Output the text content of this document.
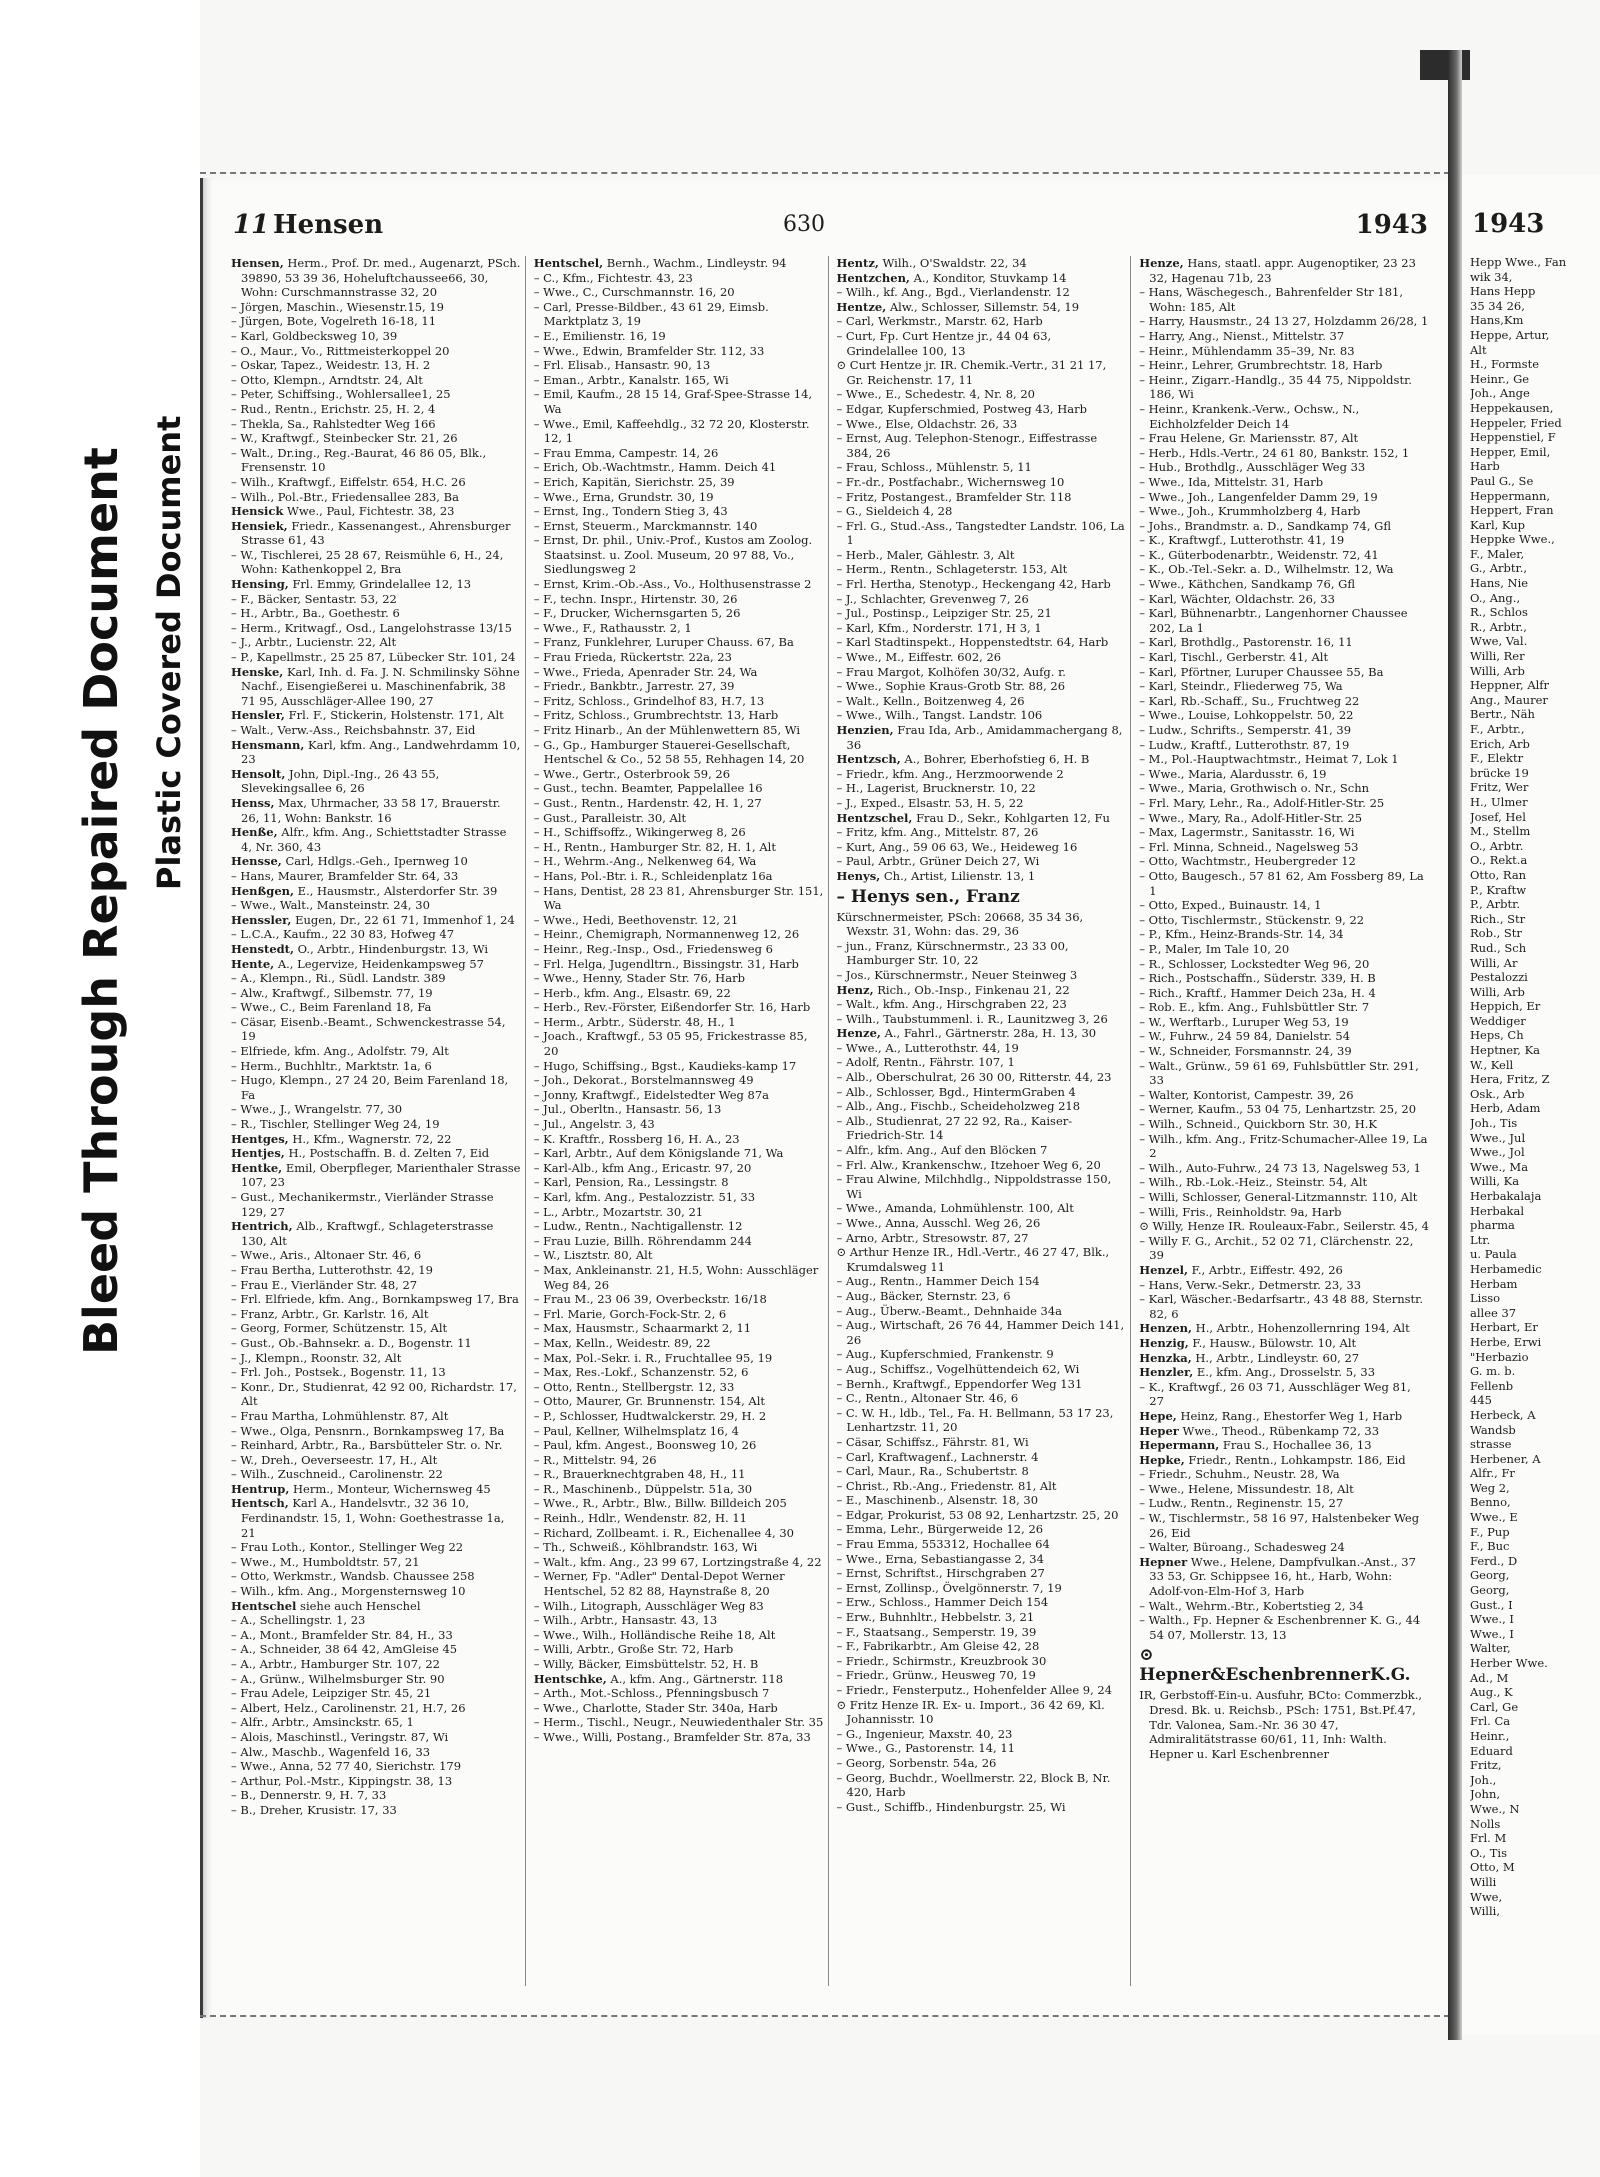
Bleed Through Repaired Document Plastic Covered Document
11 Hensen	630	1943

Hensen, Herm., Prof. Dr. med., Augenarzt, PSch. 39890, 53 39 36, Hoheluftchaussee66, 30, Wohn: Curschmannstrasse 32, 20

– Jörgen, Maschin., Wiesenstr.15, 19

– Jürgen, Bote, Vogelreth 16-18, 11

– Karl, Goldbecksweg 10, 39

– O., Maur., Vo., Rittmeisterkoppel 20

– Oskar, Tapez., Weidestr. 13, H. 2

– Otto, Klempn., Arndtstr. 24, Alt

– Peter, Schiffsing., Wohlersallee1, 25

– Rud., Rentn., Erichstr. 25, H. 2, 4

– Thekla, Sa., Rahlstedter Weg 166

– W., Kraftwgf., Steinbecker Str. 21, 26

– Walt., Dr.ing., Reg.-Baurat, 46 86 05, Blk., Frensenstr. 10

– Wilh., Kraftwgf., Eiffelstr. 654, H.C. 26

– Wilh., Pol.-Btr., Friedensallee 283, Ba

Hensick Wwe., Paul, Fichtestr. 38, 23

Hensiek, Friedr., Kassenangest., Ahrensburger Strasse 61, 43

– W., Tischlerei, 25 28 67, Reismühle 6, H., 24, Wohn: Kathenkoppel 2, Bra

Hensing, Frl. Emmy, Grindelallee 12, 13

– F., Bäcker, Sentastr. 53, 22

– H., Arbtr., Ba., Goethestr. 6

– Herm., Kritwagf., Osd., Langelohstrasse 13/15

– J., Arbtr., Lucienstr. 22, Alt

– P., Kapellmstr., 25 25 87, Lübecker Str. 101, 24

Henske, Karl, Inh. d. Fa. J. N. Schmilinsky Söhne Nachf., Eisengießerei u. Maschinenfabrik, 38 71 95, Ausschläger-Allee 190, 27

Hensler, Frl. F., Stickerin, Holstenstr. 171, Alt

– Walt., Verw.-Ass., Reichsbahnstr. 37, Eid

Hensmann, Karl, kfm. Ang., Landwehrdamm 10, 23

Hensolt, John, Dipl.-Ing., 26 43 55, Slevekingsallee 6, 26

Henss, Max, Uhrmacher, 33 58 17, Brauerstr. 26, 11, Wohn: Bankstr. 16

Henße, Alfr., kfm. Ang., Schiettstadter Strasse 4, Nr. 360, 43

Hensse, Carl, Hdlgs.-Geh., Ipernweg 10

– Hans, Maurer, Bramfelder Str. 64, 33

Henßgen, E., Hausmstr., Alsterdorfer Str. 39

– Wwe., Walt., Mansteinstr. 24, 30

Henssler, Eugen, Dr., 22 61 71, Immenhof 1, 24

– L.C.A., Kaufm., 22 30 83, Hofweg 47

Henstedt, O., Arbtr., Hindenburgstr. 13, Wi

Hente, A., Legervize, Heidenkampsweg 57

– A., Klempn., Ri., Südl. Landstr. 389

– Alw., Kraftwgf., Silbemstr. 77, 19

– Wwe., C., Beim Farenland 18, Fa

– Cäsar, Eisenb.-Beamt., Schwenckestrasse 54, 19

– Elfriede, kfm. Ang., Adolfstr. 79, Alt

– Herm., Buchhltr., Marktstr. 1a, 6

– Hugo, Klempn., 27 24 20, Beim Farenland 18, Fa

– Wwe., J., Wrangelstr. 77, 30

– R., Tischler, Stellinger Weg 24, 19

Hentges, H., Kfm., Wagnerstr. 72, 22

Hentjes, H., Postschaffn. B. d. Zelten 7, Eid

Hentke, Emil, Oberpfleger, Marienthaler Strasse 107, 23

– Gust., Mechanikermstr., Vierländer Strasse 129, 27

Hentrich, Alb., Kraftwgf., Schlageterstrasse 130, Alt

– Wwe., Aris., Altonaer Str. 46, 6

– Frau Bertha, Lutterothstr. 42, 19

– Frau E., Vierländer Str. 48, 27

– Frl. Elfriede, kfm. Ang., Bornkampsweg 17, Bra

– Franz, Arbtr., Gr. Karlstr. 16, Alt

– Georg, Former, Schützenstr. 15, Alt

– Gust., Ob.-Bahnsekr. a. D., Bogenstr. 11

– J., Klempn., Roonstr. 32, Alt

– Frl. Joh., Postsek., Bogenstr. 11, 13

– Konr., Dr., Studienrat, 42 92 00, Richardstr. 17, Alt

– Frau Martha, Lohmühlenstr. 87, Alt

– Wwe., Olga, Pensnrn., Bornkampsweg 17, Ba

– Reinhard, Arbtr., Ra., Barsbütteler Str. o. Nr.

– W., Dreh., Oeverseestr. 17, H., Alt

– Wilh., Zuschneid., Carolinenstr. 22

Hentrup, Herm., Monteur, Wichernsweg 45

Hentsch, Karl A., Handelsvtr., 32 36 10, Ferdinandstr. 15, 1, Wohn: Goethestrasse 1a, 21

– Frau Loth., Kontor., Stellinger Weg 22

– Wwe., M., Humboldtstr. 57, 21

– Otto, Werkmstr., Wandsb. Chaussee 258

– Wilh., kfm. Ang., Morgensternsweg 10

Hentschel siehe auch Henschel

– A., Schellingstr. 1, 23

– A., Mont., Bramfelder Str. 84, H., 33

– A., Schneider, 38 64 42, AmGleise 45

– A., Arbtr., Hamburger Str. 107, 22

– A., Grünw., Wilhelmsburger Str. 90

– Frau Adele, Leipziger Str. 45, 21

– Albert, Helz., Carolinenstr. 21, H.7, 26

– Alfr., Arbtr., Amsinckstr. 65, 1

– Alois, Maschinstl., Veringstr. 87, Wi

– Alw., Maschb., Wagenfeld 16, 33

– Wwe., Anna, 52 77 40, Sierichstr. 179

– Arthur, Pol.-Mstr., Kippingstr. 38, 13

– B., Dennerstr. 9, H. 7, 33

– B., Dreher, Krusistr. 17, 33

Hentschel, Bernh., Wachm., Lindleystr. 94

– C., Kfm., Fichtestr. 43, 23

– Wwe., C., Curschmannstr. 16, 20

– Carl, Presse-Bildber., 43 61 29, Eimsb. Marktplatz 3, 19

– E., Emilienstr. 16, 19

– Wwe., Edwin, Bramfelder Str. 112, 33

– Frl. Elisab., Hansastr. 90, 13

– Eman., Arbtr., Kanalstr. 165, Wi

– Emil, Kaufm., 28 15 14, Graf-Spee-Strasse 14, Wa

– Wwe., Emil, Kaffeehdlg., 32 72 20, Klosterstr. 12, 1

– Frau Emma, Campestr. 14, 26

– Erich, Ob.-Wachtmstr., Hamm. Deich 41

– Erich, Kapitän, Sierichstr. 25, 39

– Wwe., Erna, Grundstr. 30, 19

– Ernst, Ing., Tondern Stieg 3, 43

– Ernst, Steuerm., Marckmannstr. 140

– Ernst, Dr. phil., Univ.-Prof., Kustos am Zoolog. Staatsinst. u. Zool. Museum, 20 97 88, Vo., Siedlungsweg 2

– Ernst, Krim.-Ob.-Ass., Vo., Holthusenstrasse 2

– F., techn. Inspr., Hirtenstr. 30, 26

– F., Drucker, Wichernsgarten 5, 26

– Wwe., F., Rathausstr. 2, 1

– Franz, Funklehrer, Luruper Chauss. 67, Ba

– Frau Frieda, Rückertstr. 22a, 23

– Wwe., Frieda, Apenrader Str. 24, Wa

– Friedr., Bankbtr., Jarrestr. 27, 39

– Fritz, Schloss., Grindelhof 83, H.7, 13

– Fritz, Schloss., Grumbrechtstr. 13, Harb

– Fritz Hinarb., An der Mühlenwettern 85, Wi

– G., Gp., Hamburger Stauerei-Gesellschaft, Hentschel & Co., 52 58 55, Rehhagen 14, 20

– Wwe., Gertr., Osterbrook 59, 26

– Gust., techn. Beamter, Pappelallee 16

– Gust., Rentn., Hardenstr. 42, H. 1, 27

– Gust., Paralleistr. 30, Alt

– H., Schiffsoffz., Wikingerweg 8, 26

– H., Rentn., Hamburger Str. 82, H. 1, Alt

– H., Wehrm.-Ang., Nelkenweg 64, Wa

– Hans, Pol.-Btr. i. R., Schleidenplatz 16a

– Hans, Dentist, 28 23 81, Ahrensburger Str. 151, Wa

– Wwe., Hedi, Beethovenstr. 12, 21

– Heinr., Chemigraph, Normannenweg 12, 26

– Heinr., Reg.-Insp., Osd., Friedensweg 6

– Frl. Helga, Jugendltrn., Bissingstr. 31, Harb

– Wwe., Henny, Stader Str. 76, Harb

– Herb., kfm. Ang., Elsastr. 69, 22

– Herb., Rev.-Förster, Eißendorfer Str. 16, Harb

– Herm., Arbtr., Süderstr. 48, H., 1

– Joach., Kraftwgf., 53 05 95, Frickestrasse 85, 20

– Hugo, Schiffsing., Bgst., Kaudieks-kamp 17

– Joh., Dekorat., Borstelmannsweg 49

– Jonny, Kraftwgf., Eidelstedter Weg 87a

– Jul., Oberltn., Hansastr. 56, 13

– Jul., Angelstr. 3, 43

– K. Kraftfr., Rossberg 16, H. A., 23

– Karl, Arbtr., Auf dem Königslande 71, Wa

– Karl-Alb., kfm Ang., Ericastr. 97, 20

– Karl, Pension, Ra., Lessingstr. 8

– Karl, kfm. Ang., Pestalozzistr. 51, 33

– L., Arbtr., Mozartstr. 30, 21

– Ludw., Rentn., Nachtigallenstr. 12

– Frau Luzie, Billh. Röhrendamm 244

– W., Lisztstr. 80, Alt

– Max, Ankleinanstr. 21, H.5, Wohn: Ausschläger Weg 84, 26

– Frau M., 23 06 39, Overbeckstr. 16/18

– Frl. Marie, Gorch-Fock-Str. 2, 6

– Max, Hausmstr., Schaarmarkt 2, 11

– Max, Kelln., Weidestr. 89, 22

– Max, Pol.-Sekr. i. R., Fruchtallee 95, 19

– Max, Res.-Lokf., Schanzenstr. 52, 6

– Otto, Rentn., Stellbergstr. 12, 33

– Otto, Maurer, Gr. Brunnenstr. 154, Alt

– P., Schlosser, Hudtwalckerstr. 29, H. 2

– Paul, Kellner, Wilhelmsplatz 16, 4

– Paul, kfm. Angest., Boonsweg 10, 26

– R., Mittelstr. 94, 26

– R., Brauerknechtgraben 48, H., 11

– R., Maschinenb., Düppelstr. 51a, 30

– Wwe., R., Arbtr., Blw., Billw. Billdeich 205

– Reinh., Hdlr., Wendenstr. 82, H. 11

– Richard, Zollbeamt. i. R., Eichenallee 4, 30

– Th., Schweiß., Köhlbrandstr. 163, Wi

– Walt., kfm. Ang., 23 99 67, Lortzingstraße 4, 22

– Werner, Fp. "Adler" Dental-Depot Werner Hentschel, 52 82 88, Haynstraße 8, 20

– Wilh., Litograph, Ausschläger Weg 83

– Wilh., Arbtr., Hansastr. 43, 13

– Wwe., Wilh., Holländische Reihe 18, Alt

– Willi, Arbtr., Große Str. 72, Harb

– Willy, Bäcker, Eimsbüttelstr. 52, H. B

Hentschke, A., kfm. Ang., Gärtnerstr. 118

– Arth., Mot.-Schloss., Pfenningsbusch 7

– Wwe., Charlotte, Stader Str. 340a, Harb

– Herm., Tischl., Neugr., Neuwiedenthaler Str. 35

– Wwe., Willi, Postang., Bramfelder Str. 87a, 33

Hentz, Wilh., O'Swaldstr. 22, 34

Hentzchen, A., Konditor, Stuvkamp 14

– Wilh., kf. Ang., Bgd., Vierlandenstr. 12

Hentze, Alw., Schlosser, Sillemstr. 54, 19

– Carl, Werkmstr., Marstr. 62, Harb

– Curt, Fp. Curt Hentze jr., 44 04 63, Grindelallee 100, 13

⊙ Curt Hentze jr. IR. Chemik.-Vertr., 31 21 17, Gr. Reichenstr. 17, 11

– Wwe., E., Schedestr. 4, Nr. 8, 20

– Edgar, Kupferschmied, Postweg 43, Harb

– Wwe., Else, Oldachstr. 26, 33

– Ernst, Aug. Telephon-Stenogr., Eiffestrasse 384, 26

– Frau, Schloss., Mühlenstr. 5, 11

– Fr.-dr., Postfachabr., Wichernsweg 10

– Fritz, Postangest., Bramfelder Str. 118

– G., Sieldeich 4, 28

– Frl. G., Stud.-Ass., Tangstedter Landstr. 106, La 1

– Herb., Maler, Gählestr. 3, Alt

– Herm., Rentn., Schlageterstr. 153, Alt

– Frl. Hertha, Stenotyp., Heckengang 42, Harb

– J., Schlachter, Grevenweg 7, 26

– Jul., Postinsp., Leipziger Str. 25, 21

– Karl, Kfm., Norderstr. 171, H 3, 1

– Karl Stadtinspekt., Hoppenstedtstr. 64, Harb

– Wwe., M., Eiffestr. 602, 26

– Frau Margot, Kolhöfen 30/32, Aufg. r.

– Wwe., Sophie Kraus-Grotb Str. 88, 26

– Walt., Kelln., Boitzenweg 4, 26

– Wwe., Wilh., Tangst. Landstr. 106

Henzien, Frau Ida, Arb., Amidammachergang 8, 36

Hentzsch, A., Bohrer, Eberhofstieg 6, H. B

– Friedr., kfm. Ang., Herzmoorwende 2

– H., Lagerist, Brucknerstr. 10, 22

– J., Exped., Elsastr. 53, H. 5, 22

Hentzschel, Frau D., Sekr., Kohlgarten 12, Fu

– Fritz, kfm. Ang., Mittelstr. 87, 26

– Kurt, Ang., 59 06 63, We., Heideweg 16

– Paul, Arbtr., Grüner Deich 27, Wi

Henys, Ch., Artist, Lilienstr. 13, 1

– Henys sen., Franz

Kürschnermeister, PSch: 20668, 35 34 36, Wexstr. 31, Wohn: das. 29, 36

– jun., Franz, Kürschnermstr., 23 33 00, Hamburger Str. 10, 22

– Jos., Kürschnermstr., Neuer Steinweg 3

Henz, Rich., Ob.-Insp., Finkenau 21, 22

– Walt., kfm. Ang., Hirschgraben 22, 23

– Wilh., Taubstummenl. i. R., Launitzweg 3, 26

Henze, A., Fahrl., Gärtnerstr. 28a, H. 13, 30

– Wwe., A., Lutterothstr. 44, 19

– Adolf, Rentn., Fährstr. 107, 1

– Alb., Oberschulrat, 26 30 00, Ritterstr. 44, 23

– Alb., Schlosser, Bgd., HintermGraben 4

– Alb., Ang., Fischb., Scheideholzweg 218

– Alb., Studienrat, 27 22 92, Ra., Kaiser-Friedrich-Str. 14

– Alfr., kfm. Ang., Auf den Blöcken 7

– Frl. Alw., Krankenschw., Itzehoer Weg 6, 20

– Frau Alwine, Milchhdlg., Nippoldstrasse 150, Wi

– Wwe., Amanda, Lohmühlenstr. 100, Alt

– Wwe., Anna, Ausschl. Weg 26, 26

– Arno, Arbtr., Stresowstr. 87, 27

⊙ Arthur Henze IR., Hdl.-Vertr., 46 27 47, Blk., Krumdalsweg 11

– Aug., Rentn., Hammer Deich 154

– Aug., Bäcker, Sternstr. 23, 6

– Aug., Überw.-Beamt., Dehnhaide 34a

– Aug., Wirtschaft, 26 76 44, Hammer Deich 141, 26

– Aug., Kupferschmied, Frankenstr. 9

– Aug., Schiffsz., Vogelhüttendeich 62, Wi

– Bernh., Kraftwgf., Eppendorfer Weg 131

– C., Rentn., Altonaer Str. 46, 6

– C. W. H., ldb., Tel., Fa. H. Bellmann, 53 17 23, Lenhartzstr. 11, 20

– Cäsar, Schiffsz., Fährstr. 81, Wi

– Carl, Kraftwagenf., Lachnerstr. 4

– Carl, Maur., Ra., Schubertstr. 8

– Christ., Rb.-Ang., Friedenstr. 81, Alt

– E., Maschinenb., Alsenstr. 18, 30

– Edgar, Prokurist, 53 08 92, Lenhartzstr. 25, 20

– Emma, Lehr., Bürgerweide 12, 26

– Frau Emma, 553312, Hochallee 64

– Wwe., Erna, Sebastiangasse 2, 34

– Ernst, Schriftst., Hirschgraben 27

– Ernst, Zollinsp., Övelgönnerstr. 7, 19

– Erw., Schloss., Hammer Deich 154

– Erw., Buhnhltr., Hebbelstr. 3, 21

– F., Staatsang., Semperstr. 19, 39

– F., Fabrikarbtr., Am Gleise 42, 28

– Friedr., Schirmstr., Kreuzbrook 30

– Friedr., Grünw., Heusweg 70, 19

– Friedr., Fensterputz., Hohenfelder Allee 9, 24

⊙ Fritz Henze IR. Ex- u. Import., 36 42 69, Kl. Johannisstr. 10

– G., Ingenieur, Maxstr. 40, 23

– Wwe., G., Pastorenstr. 14, 11

– Georg, Sorbenstr. 54a, 26

– Georg, Buchdr., Woellmerstr. 22, Block B, Nr. 420, Harb

– Gust., Schiffb., Hindenburgstr. 25, Wi

Henze, Hans, staatl. appr. Augenoptiker, 23 23 32, Hagenau 71b, 23

– Hans, Wäschegesch., Bahrenfelder Str 181, Wohn: 185, Alt

– Harry, Hausmstr., 24 13 27, Holzdamm 26/28, 1

– Harry, Ang., Nienst., Mittelstr. 37

– Heinr., Mühlendamm 35–39, Nr. 83

– Heinr., Lehrer, Grumbrechtstr. 18, Harb

– Heinr., Zigarr.-Handlg., 35 44 75, Nippoldstr. 186, Wi

– Heinr., Krankenk.-Verw., Ochsw., N., Eichholzfelder Deich 14

– Frau Helene, Gr. Mariensstr. 87, Alt

– Herb., Hdls.-Vertr., 24 61 80, Bankstr. 152, 1

– Hub., Brothdlg., Ausschläger Weg 33

– Wwe., Ida, Mittelstr. 31, Harb

– Wwe., Joh., Langenfelder Damm 29, 19

– Wwe., Joh., Krummholzberg 4, Harb

– Johs., Brandmstr. a. D., Sandkamp 74, Gfl

– K., Kraftwgf., Lutterothstr. 41, 19

– K., Güterbodenarbtr., Weidenstr. 72, 41

– K., Ob.-Tel.-Sekr. a. D., Wilhelmstr. 12, Wa

– Wwe., Käthchen, Sandkamp 76, Gfl

– Karl, Wächter, Oldachstr. 26, 33

– Karl, Bühnenarbtr., Langenhorner Chaussee 202, La 1

– Karl, Brothdlg., Pastorenstr. 16, 11

– Karl, Tischl., Gerberstr. 41, Alt

– Karl, Pförtner, Luruper Chaussee 55, Ba

– Karl, Steindr., Fliederweg 75, Wa

– Karl, Rb.-Schaff., Su., Fruchtweg 22

– Wwe., Louise, Lohkoppelstr. 50, 22

– Ludw., Schrifts., Semperstr. 41, 39

– Ludw., Kraftf., Lutterothstr. 87, 19

– M., Pol.-Hauptwachtmstr., Heimat 7, Lok 1

– Wwe., Maria, Alardusstr. 6, 19

– Wwe., Maria, Grothwisch o. Nr., Schn

– Frl. Mary, Lehr., Ra., Adolf-Hitler-Str. 25

– Wwe., Mary, Ra., Adolf-Hitler-Str. 25

– Max, Lagermstr., Sanitasstr. 16, Wi

– Frl. Minna, Schneid., Nagelsweg 53

– Otto, Wachtmstr., Heubergreder 12

– Otto, Baugesch., 57 81 62, Am Fossberg 89, La 1

– Otto, Exped., Buinaustr. 14, 1

– Otto, Tischlermstr., Stückenstr. 9, 22

– P., Kfm., Heinz-Brands-Str. 14, 34

– P., Maler, Im Tale 10, 20

– R., Schlosser, Lockstedter Weg 96, 20

– Rich., Postschaffn., Süderstr. 339, H. B

– Rich., Kraftf., Hammer Deich 23a, H. 4

– Rob. E., kfm. Ang., Fuhlsbüttler Str. 7

– W., Werftarb., Luruper Weg 53, 19

– W., Fuhrw., 24 59 84, Danielstr. 54

– W., Schneider, Forsmannstr. 24, 39

– Walt., Grünw., 59 61 69, Fuhlsbüttler Str. 291, 33

– Walter, Kontorist, Campestr. 39, 26

– Werner, Kaufm., 53 04 75, Lenhartzstr. 25, 20

– Wilh., Schneid., Quickborn Str. 30, H.K

– Wilh., kfm. Ang., Fritz-Schumacher-Allee 19, La 2

– Wilh., Auto-Fuhrw., 24 73 13, Nagelsweg 53, 1

– Wilh., Rb.-Lok.-Heiz., Steinstr. 54, Alt

– Willi, Schlosser, General-Litzmannstr. 110, Alt

– Willi, Fris., Reinholdstr. 9a, Harb

⊙ Willy, Henze IR. Rouleaux-Fabr., Seilerstr. 45, 4

– Willy F. G., Archit., 52 02 71, Clärchenstr. 22, 39

Henzel, F., Arbtr., Eiffestr. 492, 26

– Hans, Verw.-Sekr., Detmerstr. 23, 33

– Karl, Wäscher.-Bedarfsartr., 43 48 88, Sternstr. 82, 6

Henzen, H., Arbtr., Hohenzollernring 194, Alt

Henzig, F., Hausw., Bülowstr. 10, Alt

Henzka, H., Arbtr., Lindleystr. 60, 27

Henzler, E., kfm. Ang., Drosselstr. 5, 33

– K., Kraftwgf., 26 03 71, Ausschläger Weg 81, 27

Hepe, Heinz, Rang., Ehestorfer Weg 1, Harb

Heper Wwe., Theod., Rübenkamp 72, 33

Hepermann, Frau S., Hochallee 36, 13

Hepke, Friedr., Rentn., Lohkampstr. 186, Eid

– Friedr., Schuhm., Neustr. 28, Wa

– Wwe., Helene, Missundestr. 18, Alt

– Ludw., Rentn., Reginenstr. 15, 27

– W., Tischlermstr., 58 16 97, Halstenbeker Weg 26, Eid

– Walter, Büroang., Schadesweg 24

Hepner Wwe., Helene, Dampfvulkan.-Anst., 37 33 53, Gr. Schippsee 16, ht., Harb, Wohn: Adolf-von-Elm-Hof 3, Harb

– Walt., Wehrm.-Btr., Kobertstieg 2, 34

– Walth., Fp. Hepner & Eschenbrenner K. G., 44 54 07, Mollerstr. 13, 13

⊙ Hepner&EschenbrennerK.G.

IR, Gerbstoff-Ein-u. Ausfuhr, BCto: Commerzbk., Dresd. Bk. u. Reichsb., PSch: 1751, Bst.Pf.47, Tdr. Valonea, Sam.-Nr. 36 30 47, Admiralitätstrasse 60/61, 11, Inh: Walth. Hepner u. Karl Eschenbrenner

1943
Hepp Wwe., Fan
wik 34,
Hans Hepp
35 34 26,
Hans,Km
Heppe, Artur,
Alt
H., Formste
Heinr., Ge
Joh., Ange
Heppekausen,
Heppeler, Fried
Heppenstiel, F
Hepper, Emil,
Harb
Paul G., Se
Heppermann,
Heppert, Fran
Karl, Kup
Heppke Wwe.,
F., Maler,
G., Arbtr.,
Hans, Nie
O., Ang.,
R., Schlos
R., Arbtr.,
Wwe, Val.
Willi, Rer
Willi, Arb
Heppner, Alfr
Ang., Maurer
Bertr., Näh
F., Arbtr.,
Erich, Arb
F., Elektr
brücke 19
Fritz, Wer
H., Ulmer
Josef, Hel
M., Stellm
O., Arbtr.
O., Rekt.a
Otto, Ran
P., Kraftw
P., Arbtr.
Rich., Str
Rob., Str
Rud., Sch
Willi, Ar
Pestalozzi
Willi, Arb
Heppich, Er
Weddiger
Heps, Ch
Heptner, Ka
W., Kell
Hera, Fritz, Z
Osk., Arb
Herb, Adam
Joh., Tis
Wwe., Jul
Wwe., Jol
Wwe., Ma
Willi, Ka
Herbakalaja
Herbakal
pharma
Ltr.
u. Paula
Herbamedic
Herbam
Lisso
allee 37
Herbart, Er
Herbe, Erwi
"Herbazio
G. m. b.
Fellenb
445
Herbeck, A
Wandsb
strasse
Herbener, A
Alfr., Fr
Weg 2,
Benno,
Wwe., E
F., Pup
F., Buc
Ferd., D
Georg,
Georg,
Gust., I
Wwe., I
Wwe., I
Walter,
Herber Wwe.
Ad., M
Aug., K
Carl, Ge
Frl. Ca
Heinr.,
Eduard
Fritz,
Joh.,
John,
Wwe., N
Nolls
Frl. M
O., Tis
Otto, M
Willi
Wwe,
Willi,
